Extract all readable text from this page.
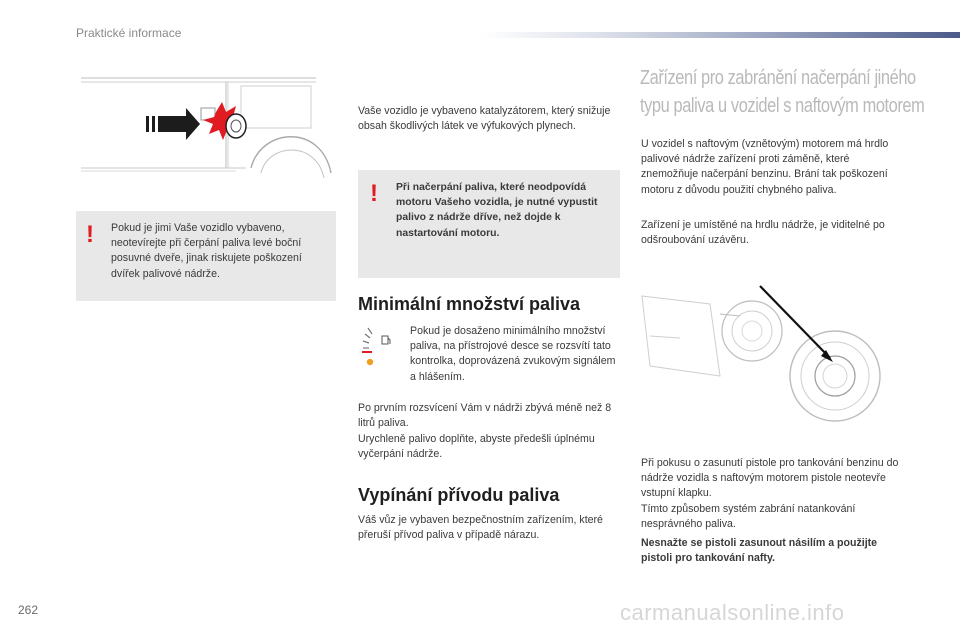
Praktické informace
! Pokud je jimi Vaše vozidlo vybaveno, neotevírejte při čerpání paliva levé boční posuvné dveře, jinak riskujete poškození dvířek palivové nádrže.

Vaše vozidlo je vybaveno katalyzátorem, který snižuje obsah škodlivých látek ve výfukových plynech.

! Při načerpání paliva, které neodpovídá motoru Vašeho vozidla, je nutné vypustit palivo z nádrže dříve, než dojde k nastartování motoru.

Minimální množství paliva

Pokud je dosaženo minimálního množství paliva, na přístrojové desce se rozsvítí tato kontrolka, doprovázená zvukovým signálem a hlášením.

Po prvním rozsvícení Vám v nádrži zbývá méně než 8 litrů paliva.

Urychleně palivo doplňte, abyste předešli úplnému vyčerpání nádrže.

Vypínání přívodu paliva

Váš vůz je vybaven bezpečnostním zařízením, které přeruší přívod paliva v případě nárazu.

Zařízení pro zabránění načerpání jiného
typu paliva u vozidel s naftovým motorem

U vozidel s naftovým (vznětovým) motorem má hrdlo palivové nádrže zařízení proti záměně, které znemožňuje načerpání benzinu. Brání tak poškození motoru z důvodu použití chybného paliva.

Zařízení je umístěné na hrdlu nádrže, je viditelné po odšroubování uzávěru.

Při pokusu o zasunutí pistole pro tankování benzinu do nádrže vozidla s naftovým motorem pistole neotevře vstupní klapku.

Tímto způsobem systém zabrání natankování nesprávného paliva.

Nesnažte se pistoli zasunout násilím a použijte pistoli pro tankování nafty.

262	carmanualsonline.info
